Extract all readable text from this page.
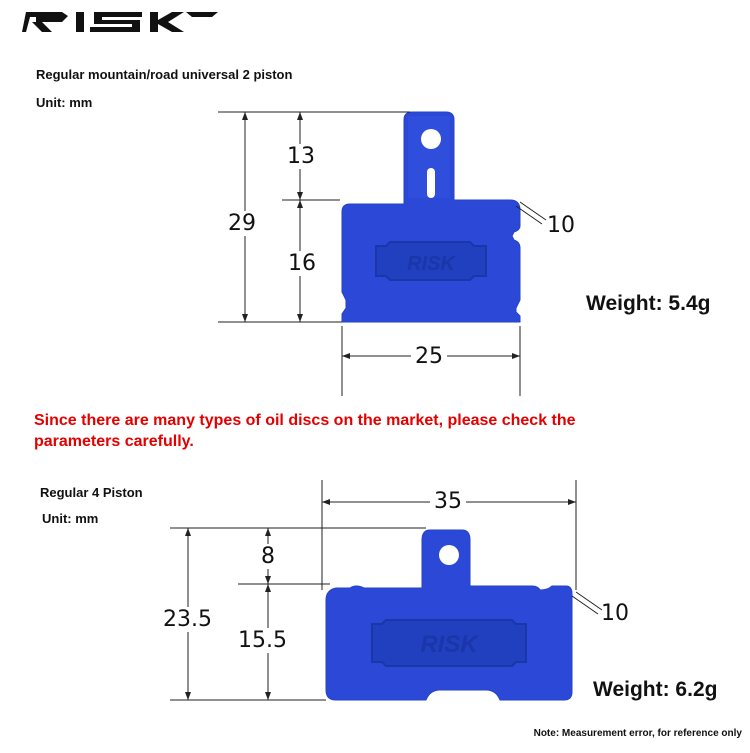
Regular mountain/road universal 2 piston
Unit: mm
RISK
13
16
29
25
10
Weight: 5.4g
Since there are many types of oil discs on the market, please check the parameters carefully.
Regular 4 Piston
Unit: mm
RISK
35
8
15.5
23.5	10
Weight: 6.2g
Note: Measurement error, for reference only
